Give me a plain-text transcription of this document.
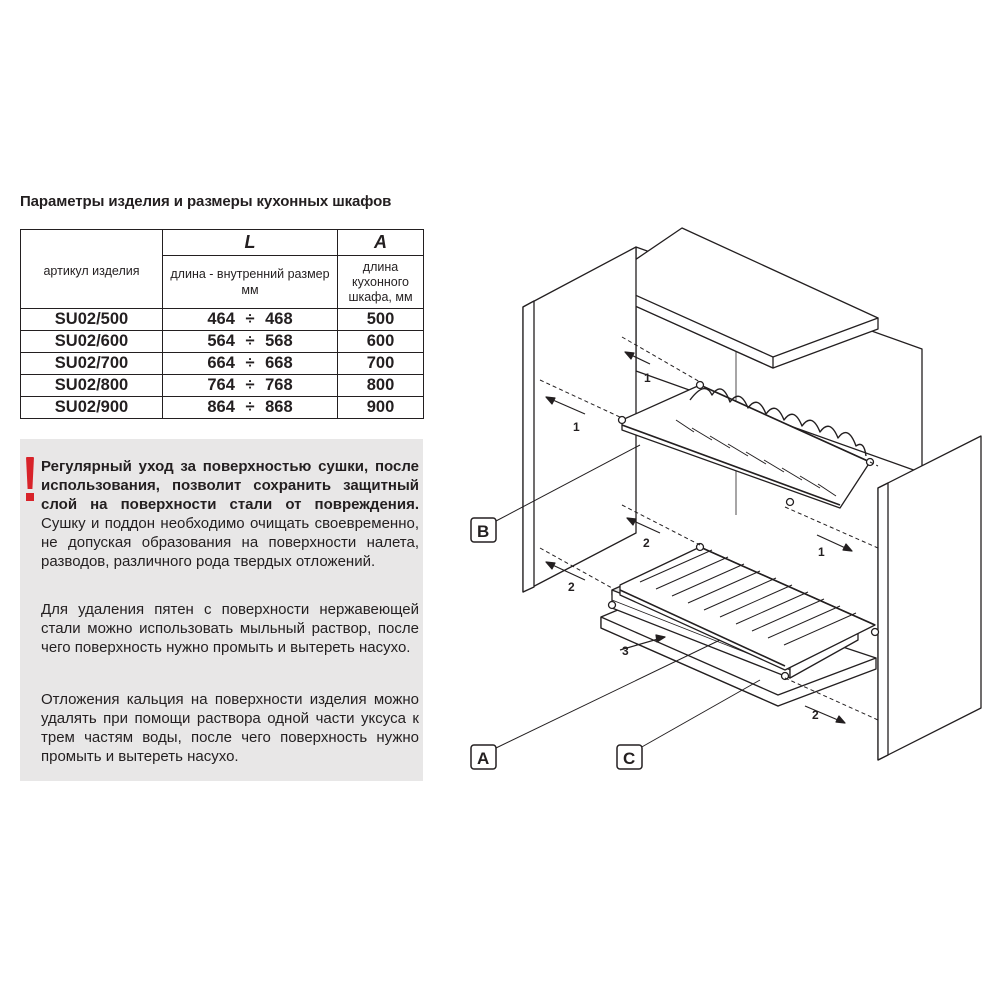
Параметры изделия и размеры кухонных шкафов
артикул изделия	L	A
	длина - внутренний размер мм	длина кухонного шкафа, мм
SU02/500	464 ÷ 468	500
SU02/600	564 ÷ 568	600
SU02/700	664 ÷ 668	700
SU02/800	764 ÷ 768	800
SU02/900	864 ÷ 868	900
Регулярный уход за поверхностью сушки, после использования, позволит сохранить защитный слой на поверхности стали от повреждения. Сушку и поддон необходимо очищать своевременно, не допуская образования на поверхности налета, разводов, различного рода твердых отложений.
Для удаления пятен с поверхности нержавеющей стали можно использовать мыльный раствор, после чего поверхность нужно промыть и вытереть насухо.
Отложения кальция на поверхности изделия можно удалять при помощи раствора одной части уксуса к трем частям воды, после чего поверхность нужно промыть и вытереть насухо.
B
A	C
1
1
1
2
2
2
3
